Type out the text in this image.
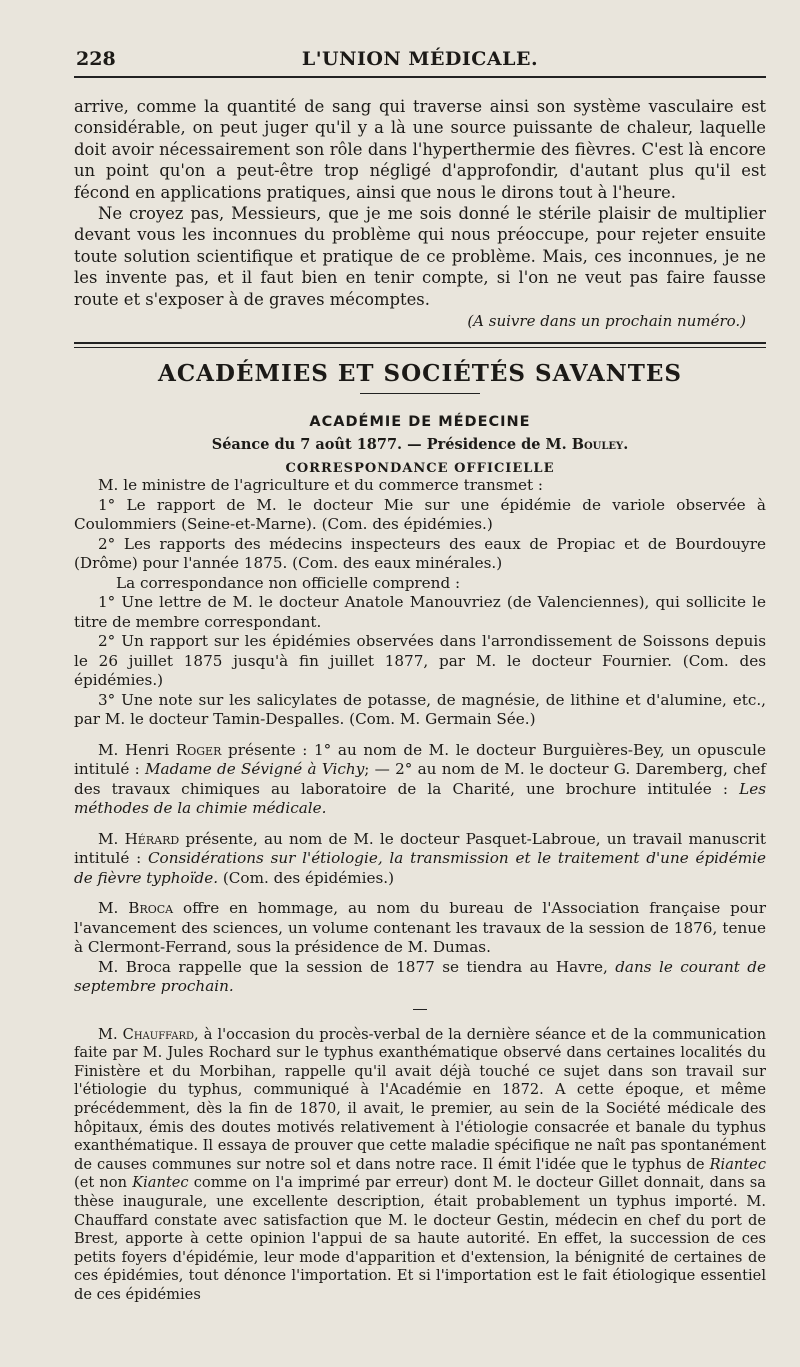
228	L'UNION MÉDICALE.

arrive, comme la quantité de sang qui traverse ainsi son système vasculaire est considérable, on peut juger qu'il y a là une source puissante de chaleur, laquelle doit avoir nécessairement son rôle dans l'hyperthermie des fièvres. C'est là encore un point qu'on a peut-être trop négligé d'approfondir, d'autant plus qu'il est fécond en applications pratiques, ainsi que nous le dirons tout à l'heure.

Ne croyez pas, Messieurs, que je me sois donné le stérile plaisir de multiplier devant vous les inconnues du problème qui nous préoccupe, pour rejeter ensuite toute solution scientifique et pratique de ce problème. Mais, ces inconnues, je ne les invente pas, et il faut bien en tenir compte, si l'on ne veut pas faire fausse route et s'exposer à de graves mécomptes.

(A suivre dans un prochain numéro.)
ACADÉMIES ET SOCIÉTÉS SAVANTES
ACADÉMIE DE MÉDECINE
Séance du 7 août 1877. — Présidence de M. Bouley.
CORRESPONDANCE OFFICIELLE

M. le ministre de l'agriculture et du commerce transmet :

1° Le rapport de M. le docteur Mie sur une épidémie de variole observée à Coulommiers (Seine-et-Marne). (Com. des épidémies.)

2° Les rapports des médecins inspecteurs des eaux de Propiac et de Bourdouyre (Drôme) pour l'année 1875. (Com. des eaux minérales.)

La correspondance non officielle comprend :

1° Une lettre de M. le docteur Anatole Manouvriez (de Valenciennes), qui sollicite le titre de membre correspondant.

2° Un rapport sur les épidémies observées dans l'arrondissement de Soissons depuis le 26 juillet 1875 jusqu'à fin juillet 1877, par M. le docteur Fournier. (Com. des épidémies.)

3° Une note sur les salicylates de potasse, de magnésie, de lithine et d'alumine, etc., par M. le docteur Tamin-Despalles. (Com. M. Germain Sée.)

M. Henri Roger présente : 1° au nom de M. le docteur Burguières-Bey, un opuscule intitulé : Madame de Sévigné à Vichy; — 2° au nom de M. le docteur G. Daremberg, chef des travaux chimiques au laboratoire de la Charité, une brochure intitulée : Les méthodes de la chimie médicale.

M. Hérard présente, au nom de M. le docteur Pasquet-Labroue, un travail manuscrit intitulé : Considérations sur l'étiologie, la transmission et le traitement d'une épidémie de fièvre typhoïde. (Com. des épidémies.)

M. Broca offre en hommage, au nom du bureau de l'Association française pour l'avancement des sciences, un volume contenant les travaux de la session de 1876, tenue à Clermont-Ferrand, sous la présidence de M. Dumas.

M. Broca rappelle que la session de 1877 se tiendra au Havre, dans le courant de septembre prochain.

M. Chauffard, à l'occasion du procès-verbal de la dernière séance et de la communication faite par M. Jules Rochard sur le typhus exanthématique observé dans certaines localités du Finistère et du Morbihan, rappelle qu'il avait déjà touché ce sujet dans son travail sur l'étiologie du typhus, communiqué à l'Académie en 1872. A cette époque, et même précédemment, dès la fin de 1870, il avait, le premier, au sein de la Société médicale des hôpitaux, émis des doutes motivés relativement à l'étiologie consacrée et banale du typhus exanthématique. Il essaya de prouver que cette maladie spécifique ne naît pas spontanément de causes communes sur notre sol et dans notre race. Il émit l'idée que le typhus de Riantec (et non Kiantec comme on l'a imprimé par erreur) dont M. le docteur Gillet donnait, dans sa thèse inaugurale, une excellente description, était probablement un typhus importé. M. Chauffard constate avec satisfaction que M. le docteur Gestin, médecin en chef du port de Brest, apporte à cette opinion l'appui de sa haute autorité. En effet, la succession de ces petits foyers d'épidémie, leur mode d'apparition et d'extension, la bénignité de certaines de ces épidémies, tout dénonce l'importation. Et si l'importation est le fait étiologique essentiel de ces épidémies
